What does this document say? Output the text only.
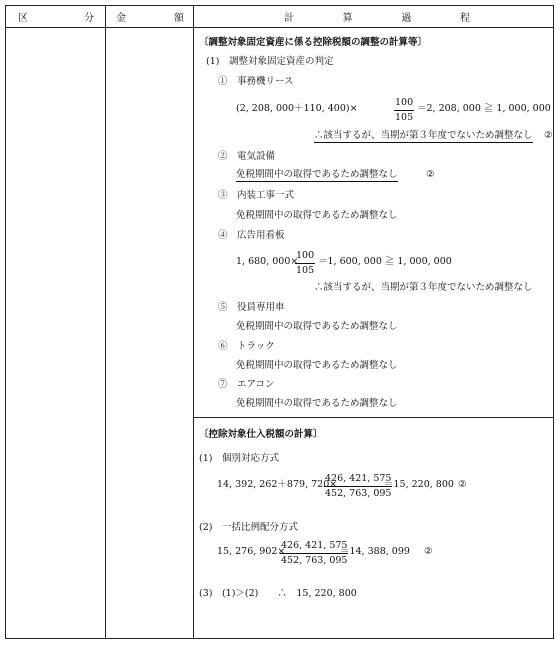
区	分 金	額	計	算	過	程
〔調整対象固定資産に係る控除税額の調整の計算等〕
(1)　調整対象固定資産の判定
①　事務機リース
(2, 208, 000＋110, 400)×	$\frac{100}{105} =2$, 208, 000 ≧ 1, 000, 000
∴該当するが、当期が第３年度でないため調整なし ②
②　電気設備
免税期間中の取得であるため調整なし	②
③　内装工事一式
免税期間中の取得であるため調整なし
④　広告用看板
1, 680, 000×
$\frac{100}{105} =1$, 600, 000 ≧ 1, 000, 000
∴該当するが、当期が第３年度でないため調整なし
⑤　役員専用車
免税期間中の取得であるため調整なし
⑥　トラック
免税期間中の取得であるため調整なし
⑦　エアコン
免税期間中の取得であるため調整なし
〔控除対象仕入税額の計算〕
(1)　個別対応方式
14, 392, 262＋879, 720×
$\frac{426, 421, 575}{452, 763, 095}$
＝15, 220, 800 ②
(2)　一括比例配分方式
15, 276, 902×
$\frac{426, 421, 575}{452, 763, 095}$
＝14, 388, 099 ②
(3)　(1)＞(2)　　∴　15, 220, 800
